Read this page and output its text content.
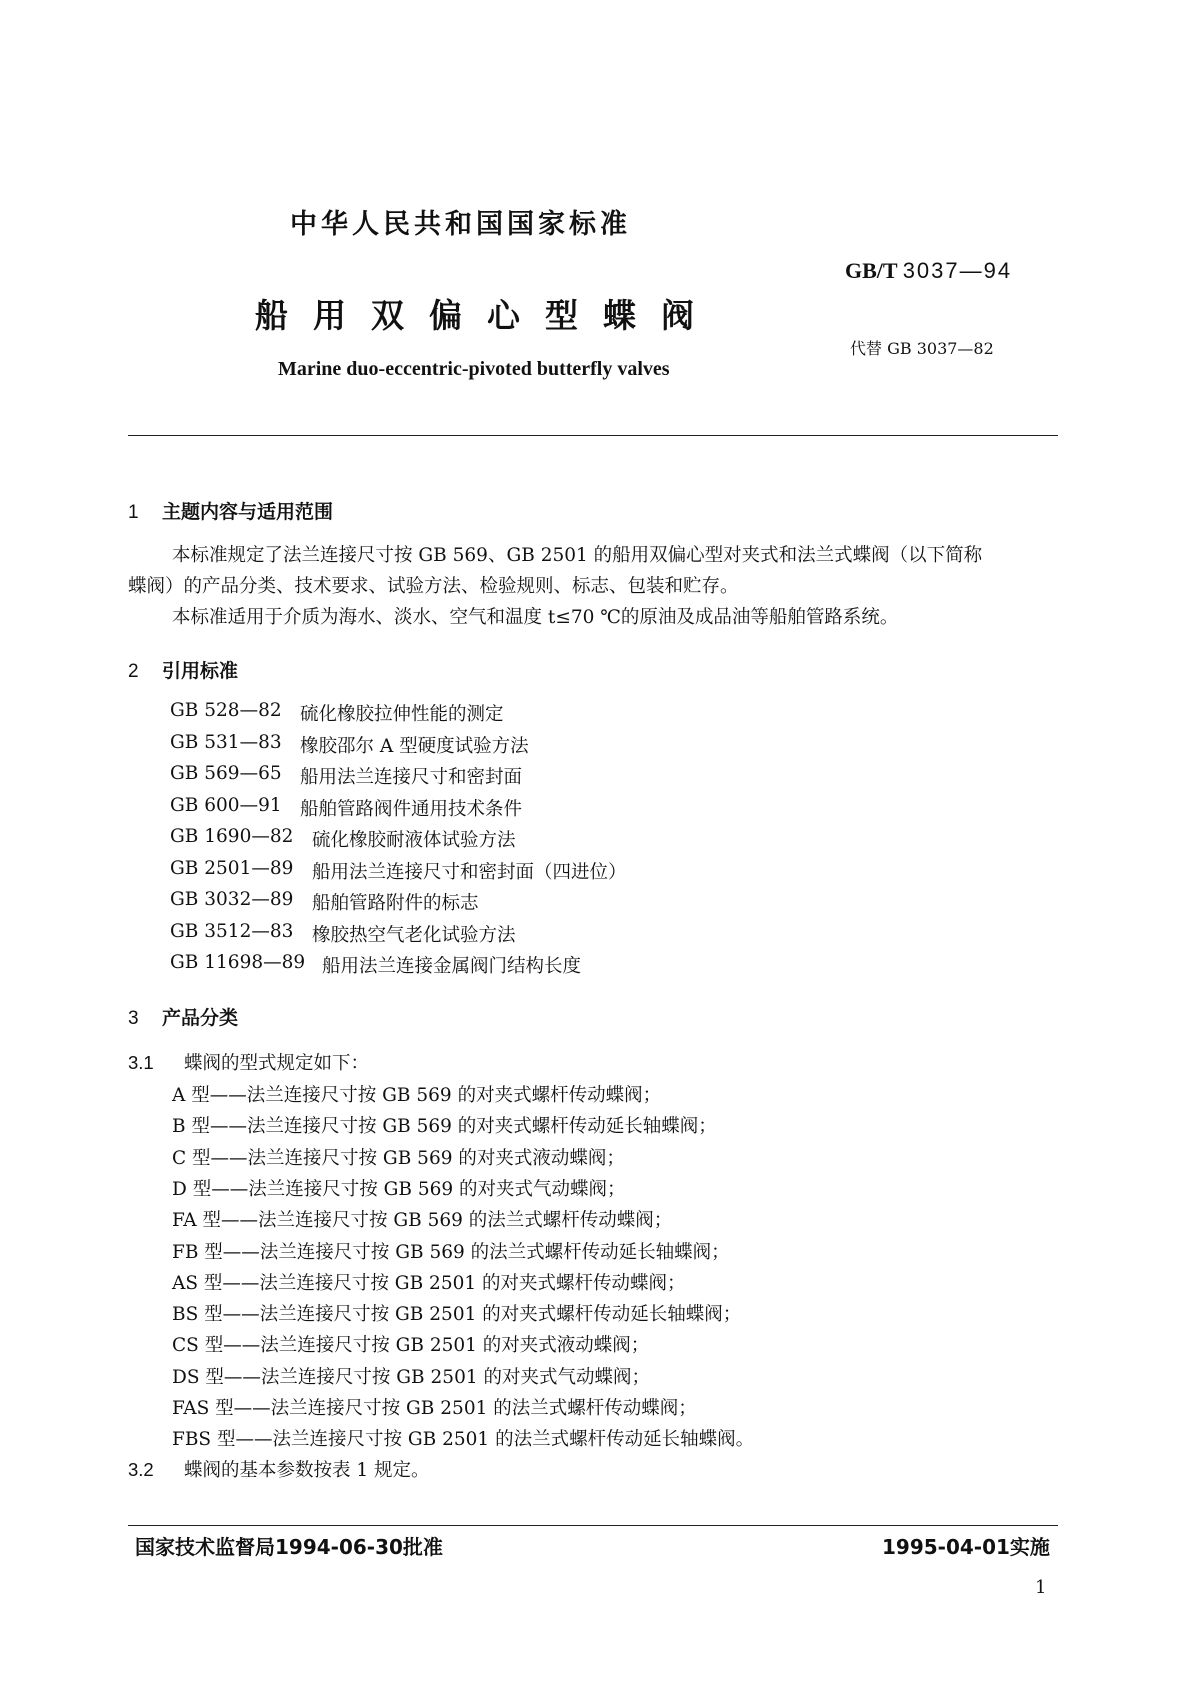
中华人民共和国国家标准
GB/T 3037—94
船用双偏心型蝶阀
代替 GB 3037—82
Marine duo-eccentric-pivoted butterfly valves
1 主题内容与适用范围
本标准规定了法兰连接尺寸按 GB 569、GB 2501 的船用双偏心型对夹式和法兰式蝶阀（以下简称
蝶阀）的产品分类、技术要求、试验方法、检验规则、标志、包装和贮存。
本标准适用于介质为海水、淡水、空气和温度 t≤70 ℃的原油及成品油等船舶管路系统。
2 引用标准
GB 528—82 硫化橡胶拉伸性能的测定
GB 531—83 橡胶邵尔 A 型硬度试验方法
GB 569—65 船用法兰连接尺寸和密封面
GB 600—91 船舶管路阀件通用技术条件
GB 1690—82 硫化橡胶耐液体试验方法
GB 2501—89 船用法兰连接尺寸和密封面（四进位）
GB 3032—89 船舶管路附件的标志
GB 3512—83 橡胶热空气老化试验方法
GB 11698—89 船用法兰连接金属阀门结构长度
3 产品分类
3.1 蝶阀的型式规定如下：
A 型——法兰连接尺寸按 GB 569 的对夹式螺杆传动蝶阀；
B 型——法兰连接尺寸按 GB 569 的对夹式螺杆传动延长轴蝶阀；
C 型——法兰连接尺寸按 GB 569 的对夹式液动蝶阀；
D 型——法兰连接尺寸按 GB 569 的对夹式气动蝶阀；
FA 型——法兰连接尺寸按 GB 569 的法兰式螺杆传动蝶阀；
FB 型——法兰连接尺寸按 GB 569 的法兰式螺杆传动延长轴蝶阀；
AS 型——法兰连接尺寸按 GB 2501 的对夹式螺杆传动蝶阀；
BS 型——法兰连接尺寸按 GB 2501 的对夹式螺杆传动延长轴蝶阀；
CS 型——法兰连接尺寸按 GB 2501 的对夹式液动蝶阀；
DS 型——法兰连接尺寸按 GB 2501 的对夹式气动蝶阀；
FAS 型——法兰连接尺寸按 GB 2501 的法兰式螺杆传动蝶阀；
FBS 型——法兰连接尺寸按 GB 2501 的法兰式螺杆传动延长轴蝶阀。
3.2 蝶阀的基本参数按表 1 规定。
国家技术监督局1994-06-30批准	1995-04-01实施
1
